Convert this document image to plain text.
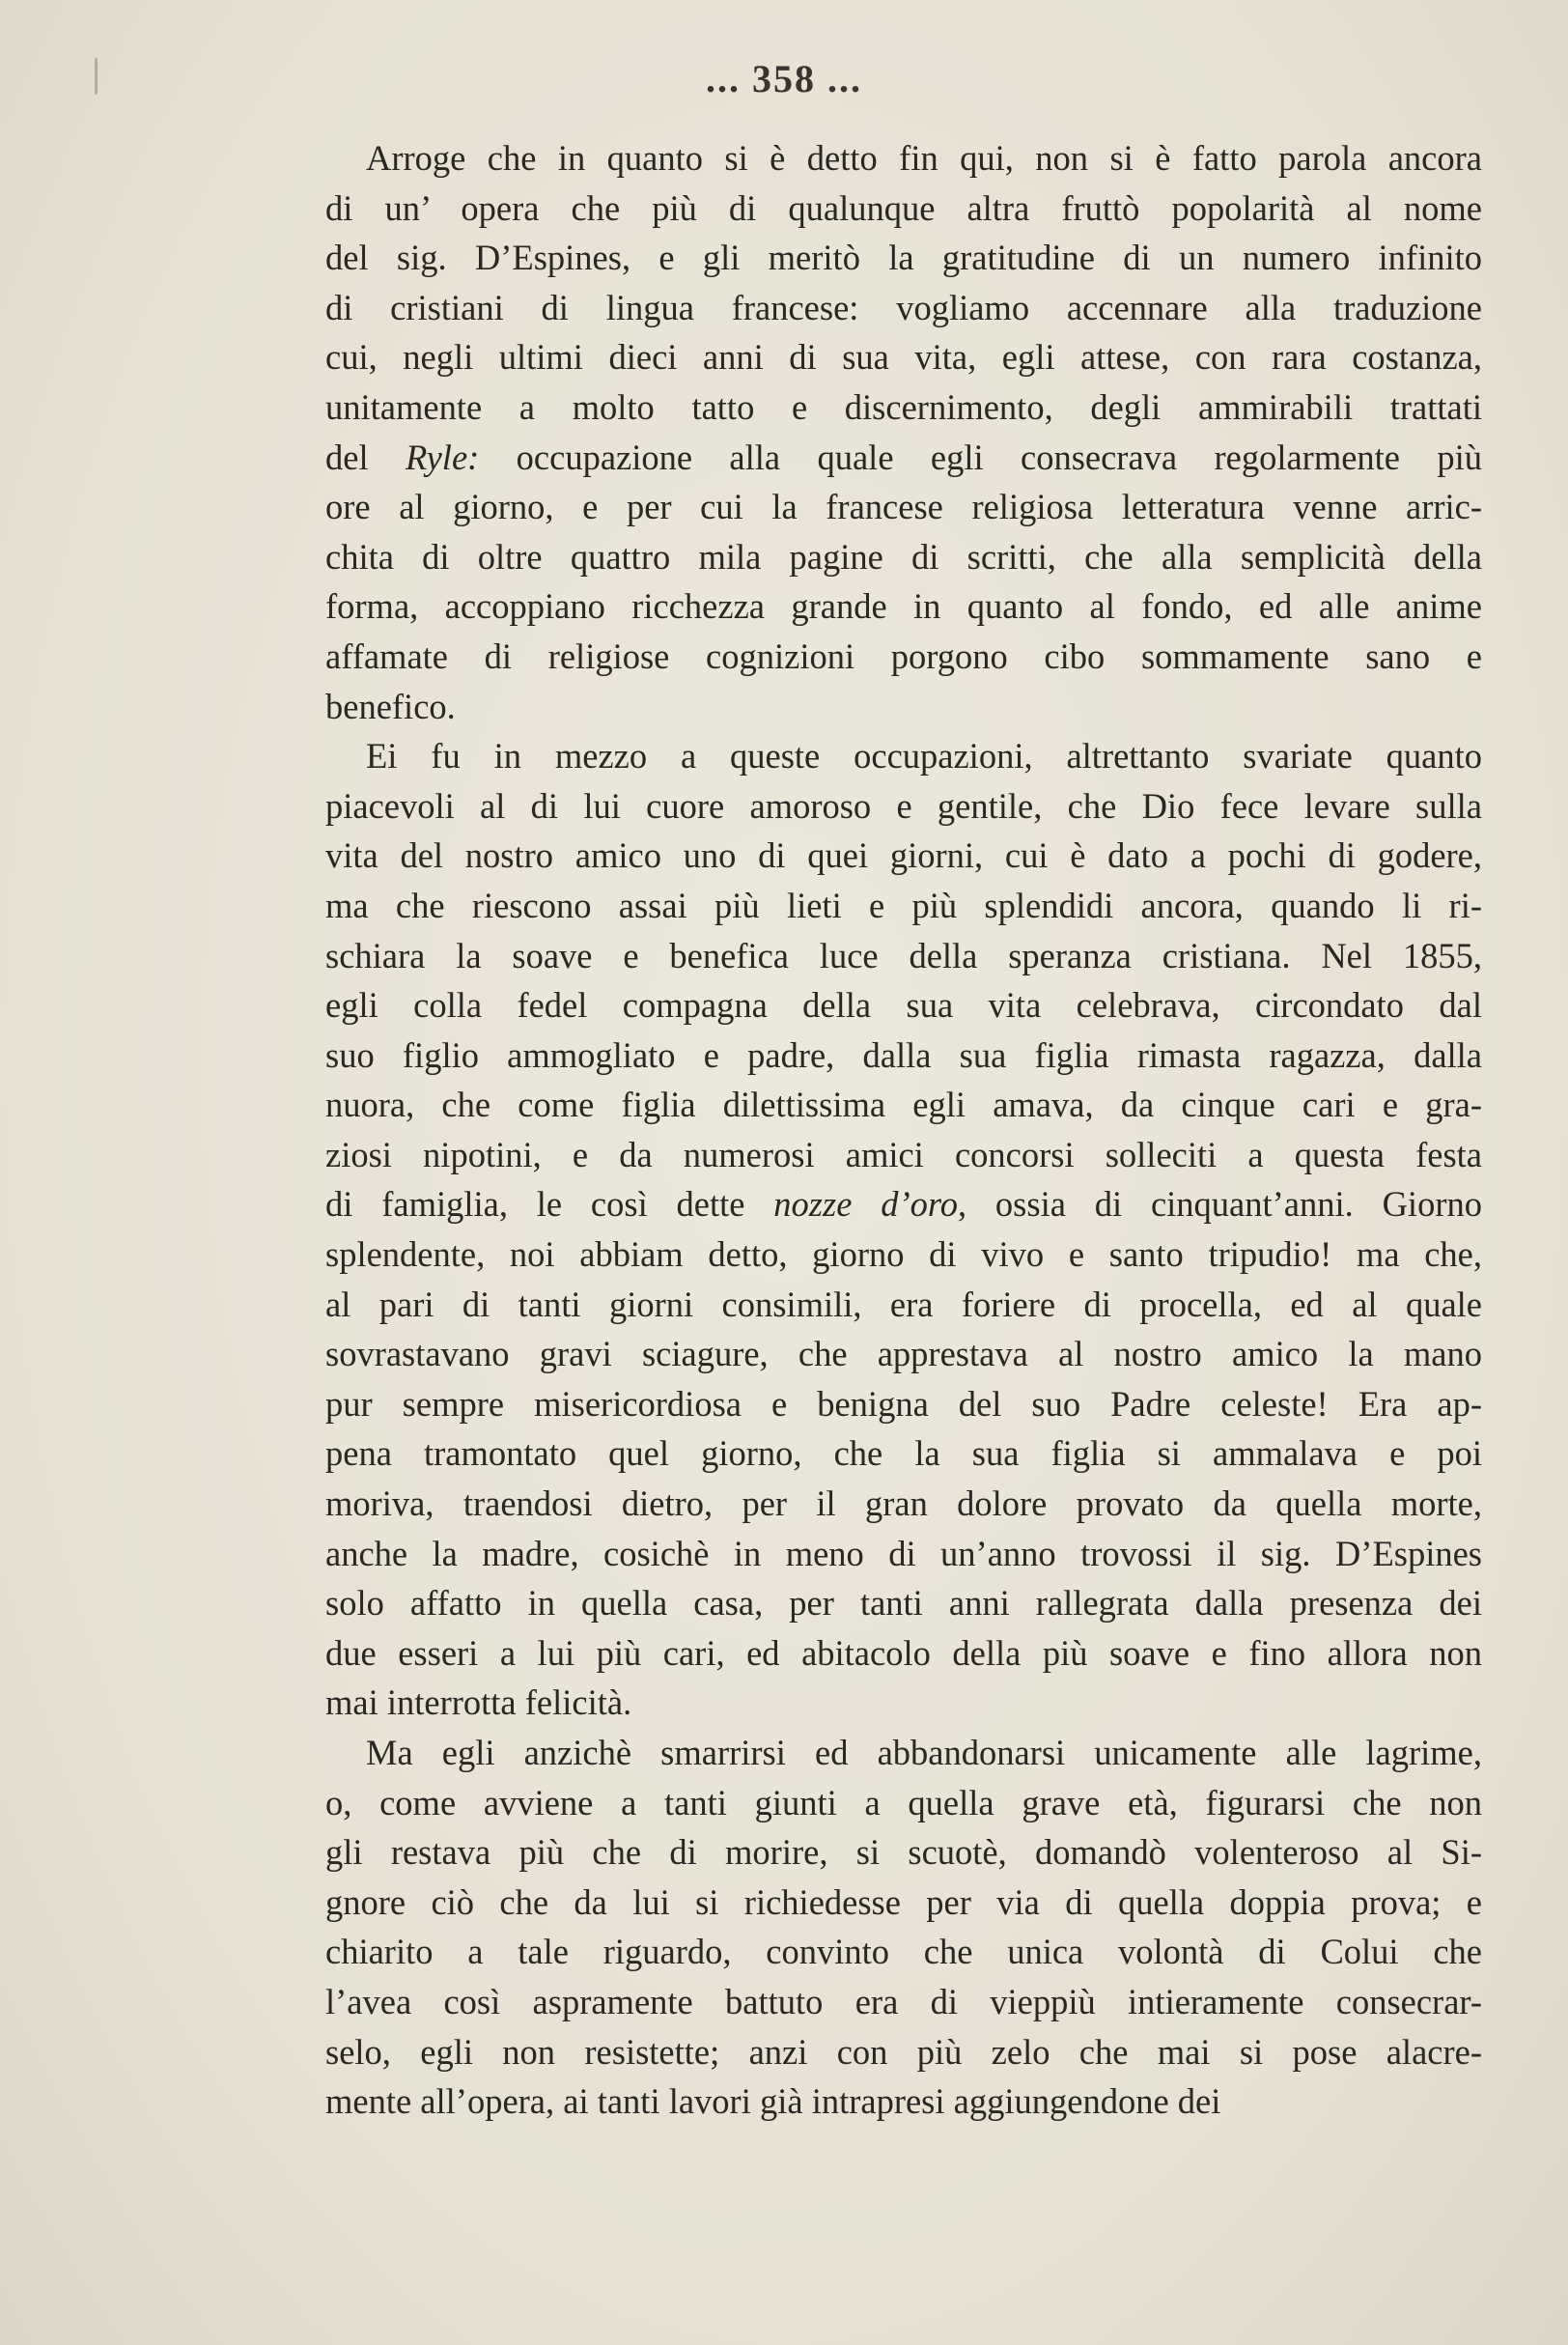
... 358 ...
Arroge che in quanto si è detto fin qui, non si è fatto parola ancora
di un’ opera che più di qualunque altra fruttò popolarità al nome
del sig. D’Espines, e gli meritò la gratitudine di un numero infinito
di cristiani di lingua francese: vogliamo accennare alla traduzione
cui, negli ultimi dieci anni di sua vita, egli attese, con rara costanza,
unitamente a molto tatto e discernimento, degli ammirabili trattati
del Ryle: occupazione alla quale egli consecrava regolarmente più
ore al giorno, e per cui la francese religiosa letteratura venne arric-
chita di oltre quattro mila pagine di scritti, che alla semplicità della
forma, accoppiano ricchezza grande in quanto al fondo, ed alle anime
affamate di religiose cognizioni porgono cibo sommamente sano e
benefico.
Ei fu in mezzo a queste occupazioni, altrettanto svariate quanto
piacevoli al di lui cuore amoroso e gentile, che Dio fece levare sulla
vita del nostro amico uno di quei giorni, cui è dato a pochi di godere,
ma che riescono assai più lieti e più splendidi ancora, quando li ri-
schiara la soave e benefica luce della speranza cristiana. Nel 1855,
egli colla fedel compagna della sua vita celebrava, circondato dal
suo figlio ammogliato e padre, dalla sua figlia rimasta ragazza, dalla
nuora, che come figlia dilettissima egli amava, da cinque cari e gra-
ziosi nipotini, e da numerosi amici concorsi solleciti a questa festa
di famiglia, le così dette nozze d’oro, ossia di cinquant’anni. Giorno
splendente, noi abbiam detto, giorno di vivo e santo tripudio! ma che,
al pari di tanti giorni consimili, era foriere di procella, ed al quale
sovrastavano gravi sciagure, che apprestava al nostro amico la mano
pur sempre misericordiosa e benigna del suo Padre celeste! Era ap-
pena tramontato quel giorno, che la sua figlia si ammalava e poi
moriva, traendosi dietro, per il gran dolore provato da quella morte,
anche la madre, cosichè in meno di un’anno trovossi il sig. D’Espines
solo affatto in quella casa, per tanti anni rallegrata dalla presenza dei
due esseri a lui più cari, ed abitacolo della più soave e fino allora non
mai interrotta felicità.
Ma egli anzichè smarrirsi ed abbandonarsi unicamente alle lagrime,
o, come avviene a tanti giunti a quella grave età, figurarsi che non
gli restava più che di morire, si scuotè, domandò volenteroso al Si-
gnore ciò che da lui si richiedesse per via di quella doppia prova; e
chiarito a tale riguardo, convinto che unica volontà di Colui che
l’avea così aspramente battuto era di vieppiù intieramente consecrar-
selo, egli non resistette; anzi con più zelo che mai si pose alacre-
mente all’opera, ai tanti lavori già intrapresi aggiungendone dei
